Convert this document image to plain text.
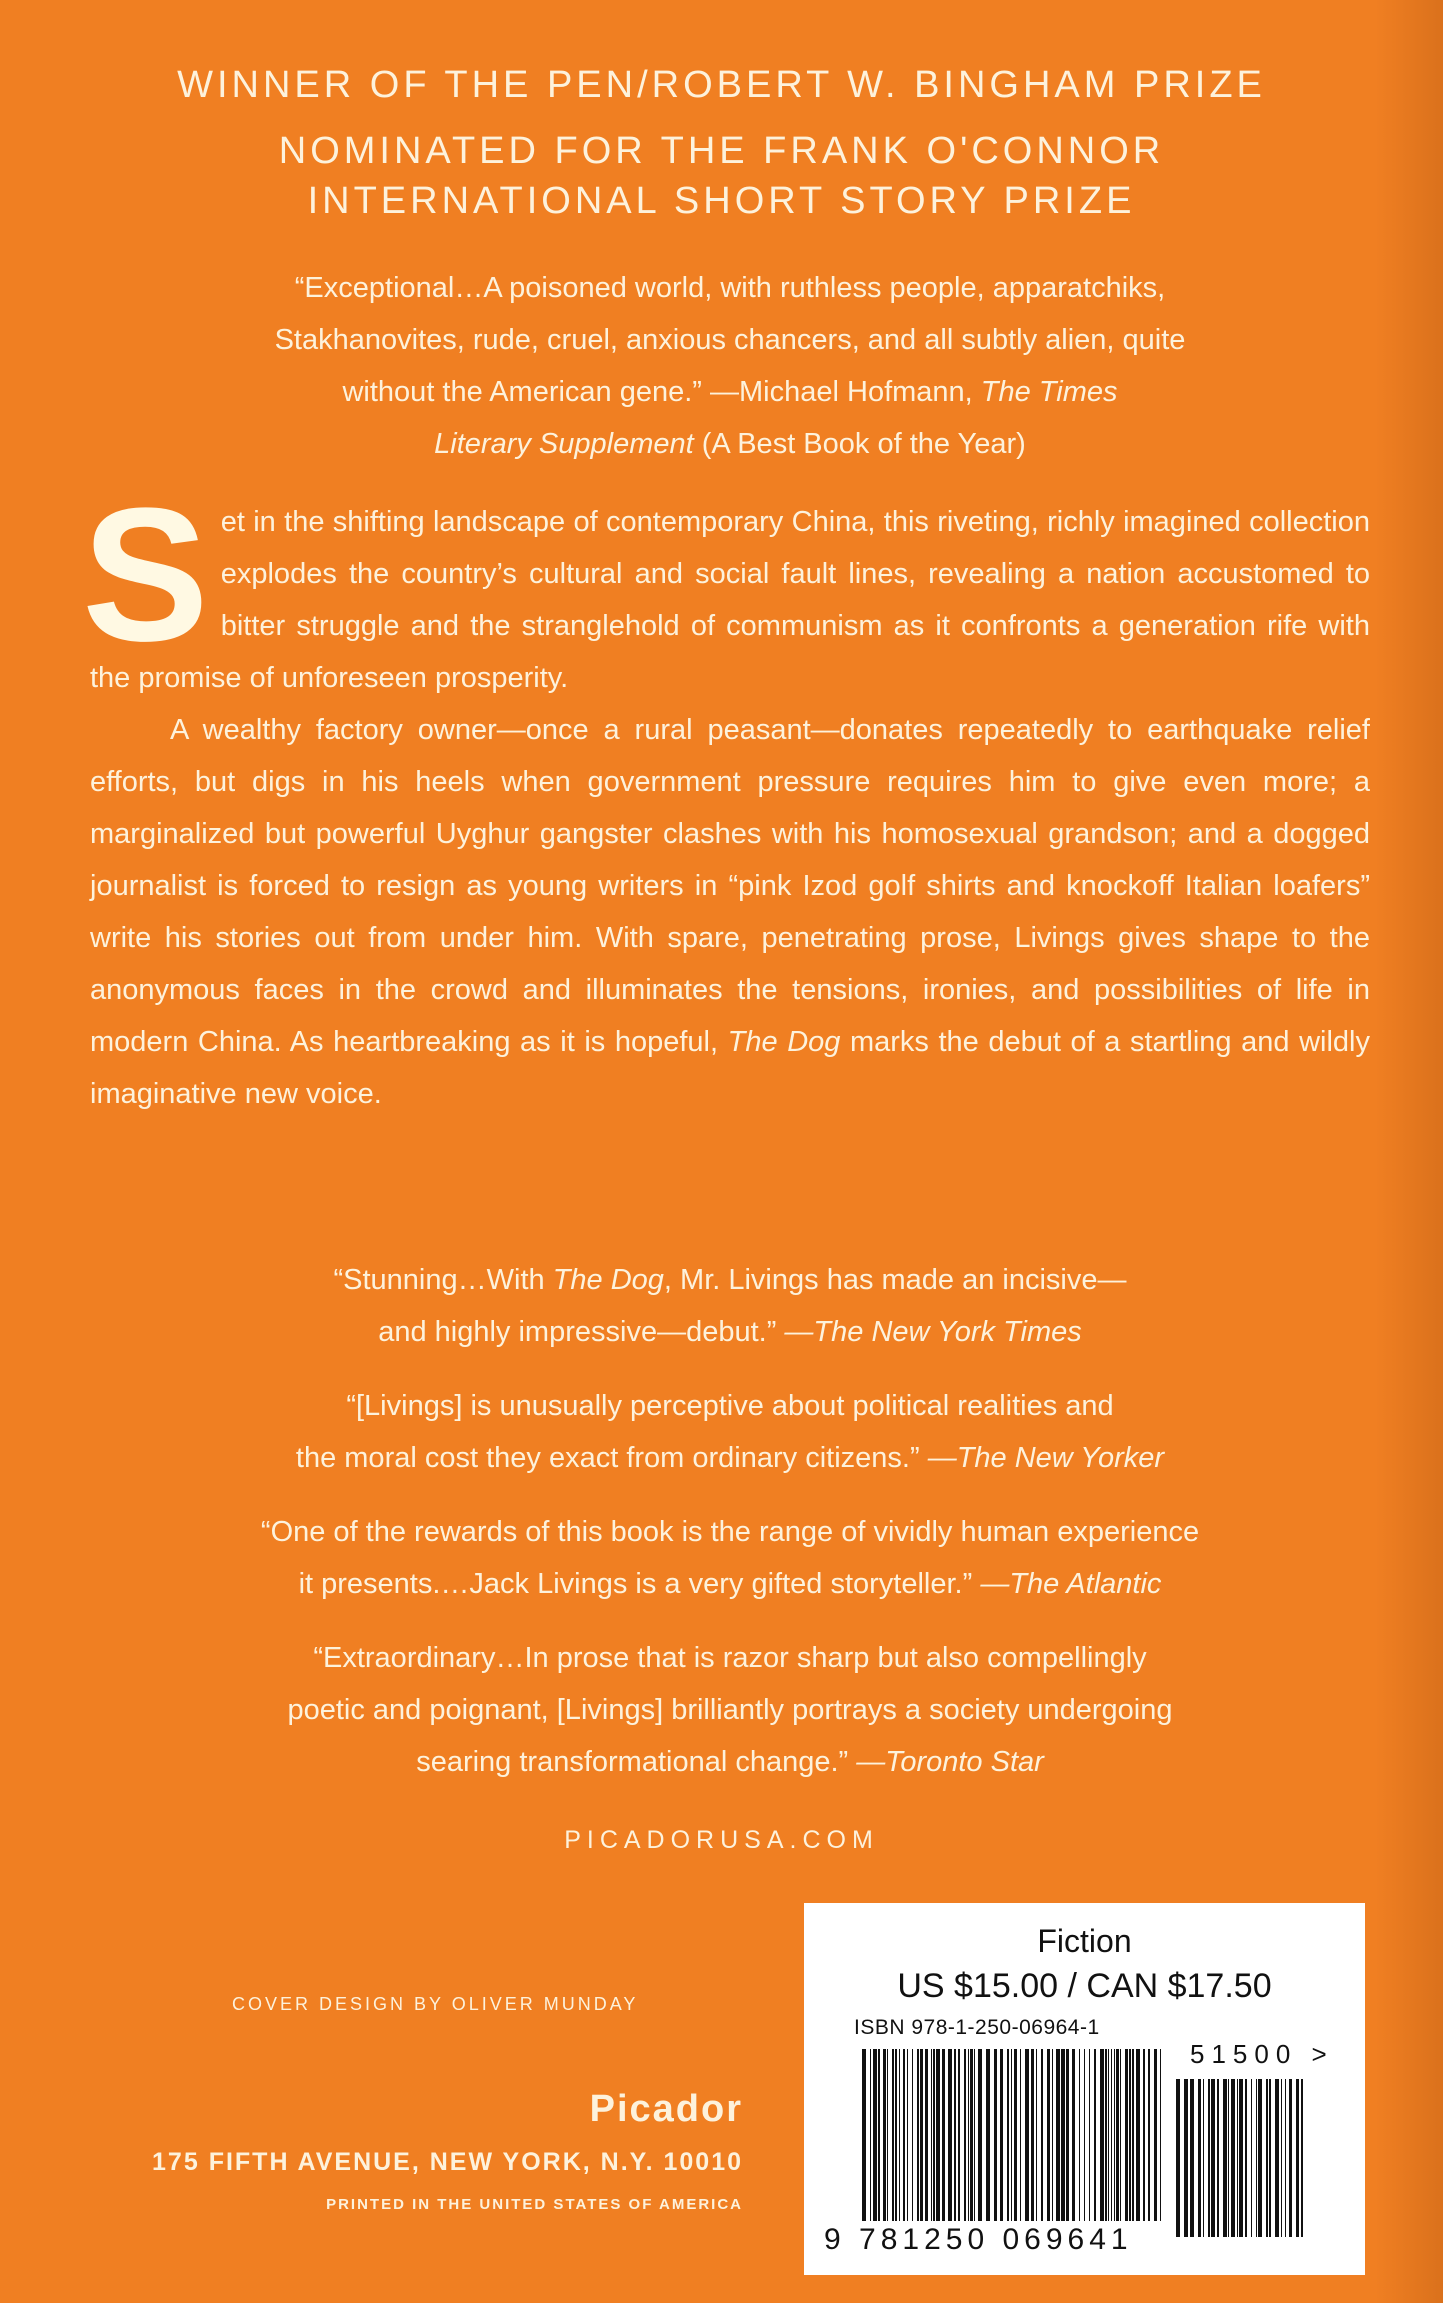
WINNER OF THE PEN/ROBERT W. BINGHAM PRIZE
NOMINATED FOR THE FRANK O'CONNOR
INTERNATIONAL SHORT STORY PRIZE
“Exceptional…A poisoned world, with ruthless people, apparatchiks,
Stakhanovites, rude, cruel, anxious chancers, and all subtly alien, quite
without the American gene.” —Michael Hofmann, The Times
Literary Supplement (A Best Book of the Year)

Set in the shifting landscape of contemporary China, this riveting, richly imagined collection explodes the country’s cultural and social fault lines, revealing a nation accustomed to bitter struggle and the stranglehold of communism as it confronts a generation rife with the promise of unforeseen prosperity.

A wealthy factory owner—once a rural peasant—donates repeatedly to earthquake relief efforts, but digs in his heels when government pressure requires him to give even more; a marginalized but powerful Uyghur gangster clashes with his homosexual grandson; and a dogged journalist is forced to resign as young writers in “pink Izod golf shirts and knockoff Italian loafers” write his stories out from under him. With spare, penetrating prose, Livings gives shape to the anonymous faces in the crowd and illuminates the tensions, ironies, and possibilities of life in modern China. As heartbreaking as it is hopeful, The Dog marks the debut of a startling and wildly imaginative new voice.

“Stunning…With The Dog, Mr. Livings has made an incisive—
and highly impressive—debut.” —The New York Times
“[Livings] is unusually perceptive about political realities and
the moral cost they exact from ordinary citizens.” —The New Yorker
“One of the rewards of this book is the range of vividly human experience
it presents.…Jack Livings is a very gifted storyteller.” —The Atlantic
“Extraordinary…In prose that is razor sharp but also compellingly
poetic and poignant, [Livings] brilliantly portrays a society undergoing
searing transformational change.” —Toronto Star
PICADORUSA.COM
COVER DESIGN BY OLIVER MUNDAY
Picador
175 FIFTH AVENUE, NEW YORK, N.Y. 10010
PRINTED IN THE UNITED STATES OF AMERICA
Fiction
US $15.00 / CAN $17.50
ISBN 978-1-250-06964-1
51500 >
9 781250 069641
